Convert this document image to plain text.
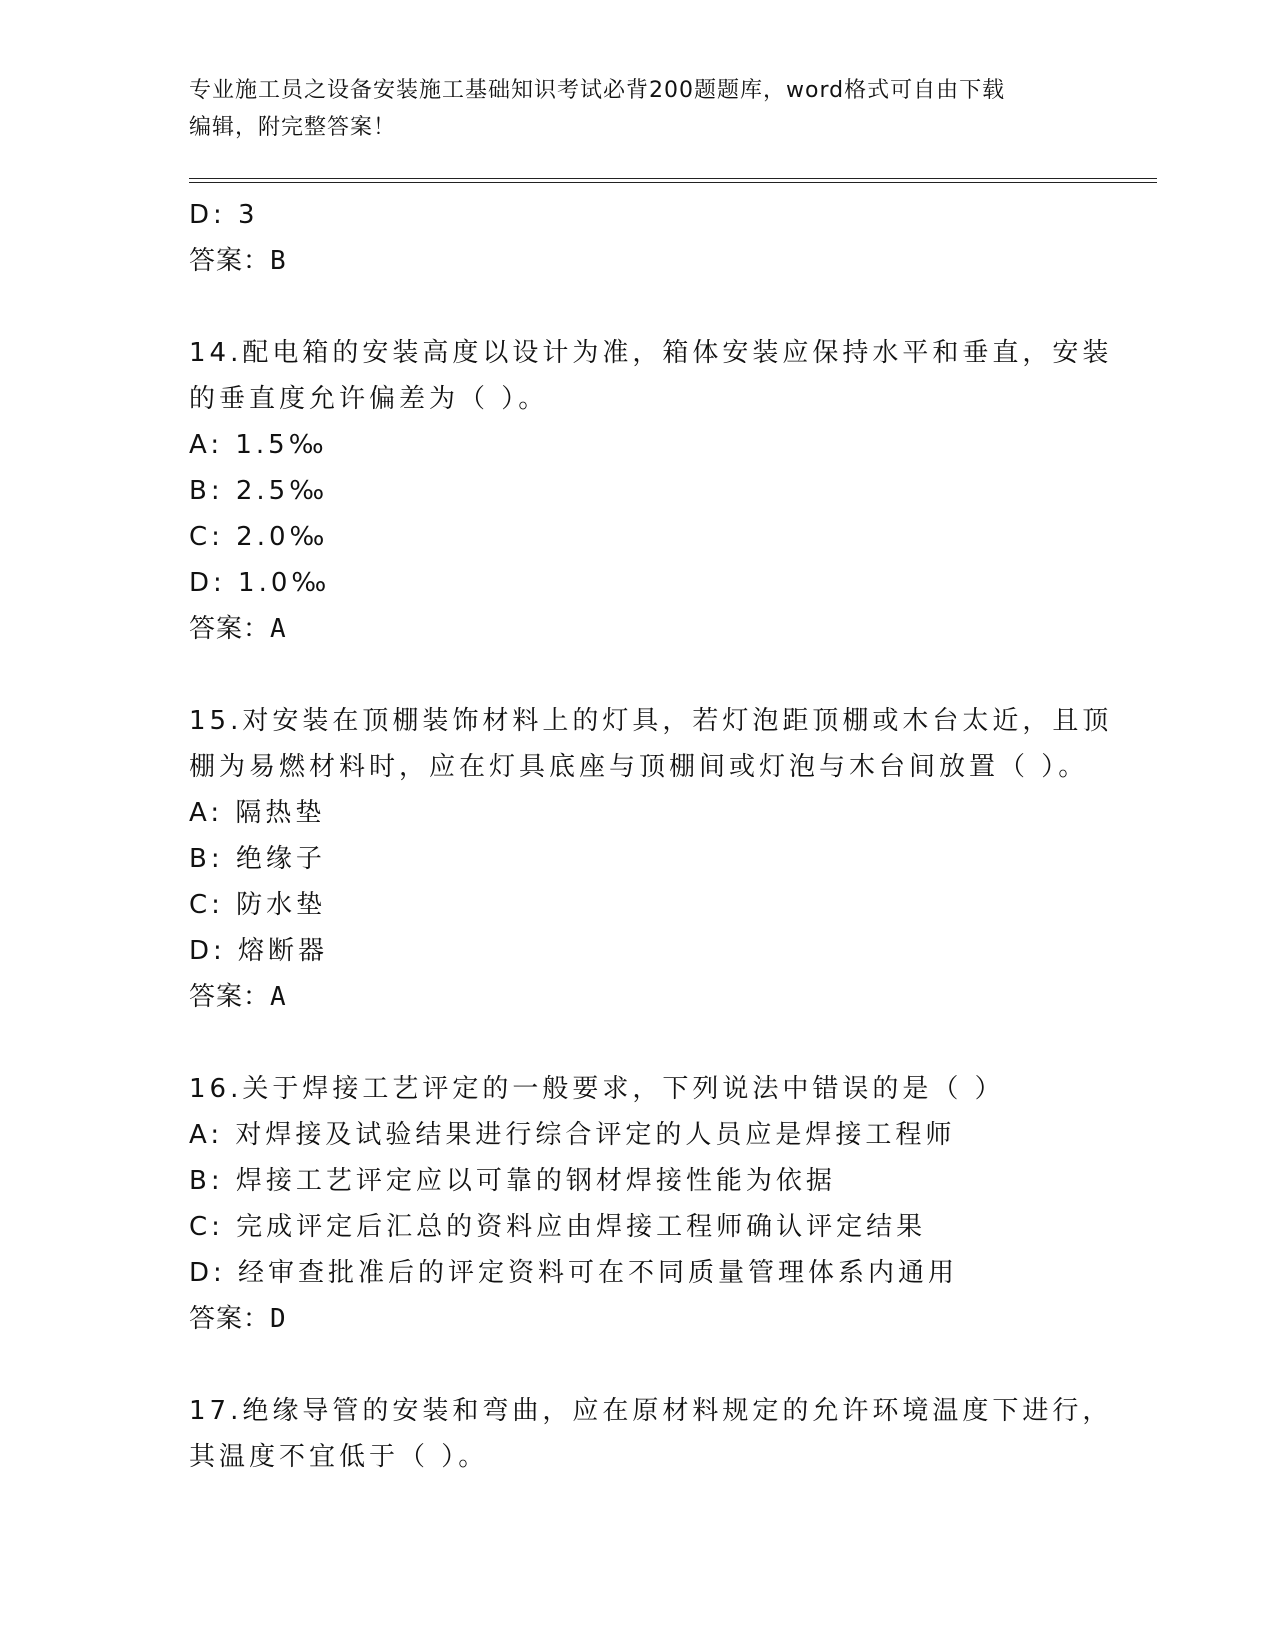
专业施工员之设备安装施工基础知识考试必背200题题库，word格式可自由下载
编辑，附完整答案！
D: 3
答案：B
14.配电箱的安装高度以设计为准，箱体安装应保持水平和垂直，安装
的垂直度允许偏差为（ ）。
A: 1.5‰
B: 2.5‰
C: 2.0‰
D: 1.0‰
答案：A
15.对安装在顶棚装饰材料上的灯具，若灯泡距顶棚或木台太近，且顶
棚为易燃材料时，应在灯具底座与顶棚间或灯泡与木台间放置（ ）。
A: 隔热垫
B: 绝缘子
C: 防水垫
D: 熔断器
答案：A
16.关于焊接工艺评定的一般要求，下列说法中错误的是（ ）
A: 对焊接及试验结果进行综合评定的人员应是焊接工程师
B: 焊接工艺评定应以可靠的钢材焊接性能为依据
C: 完成评定后汇总的资料应由焊接工程师确认评定结果
D: 经审查批准后的评定资料可在不同质量管理体系内通用
答案：D
17.绝缘导管的安装和弯曲，应在原材料规定的允许环境温度下进行，
其温度不宜低于（ ）。
